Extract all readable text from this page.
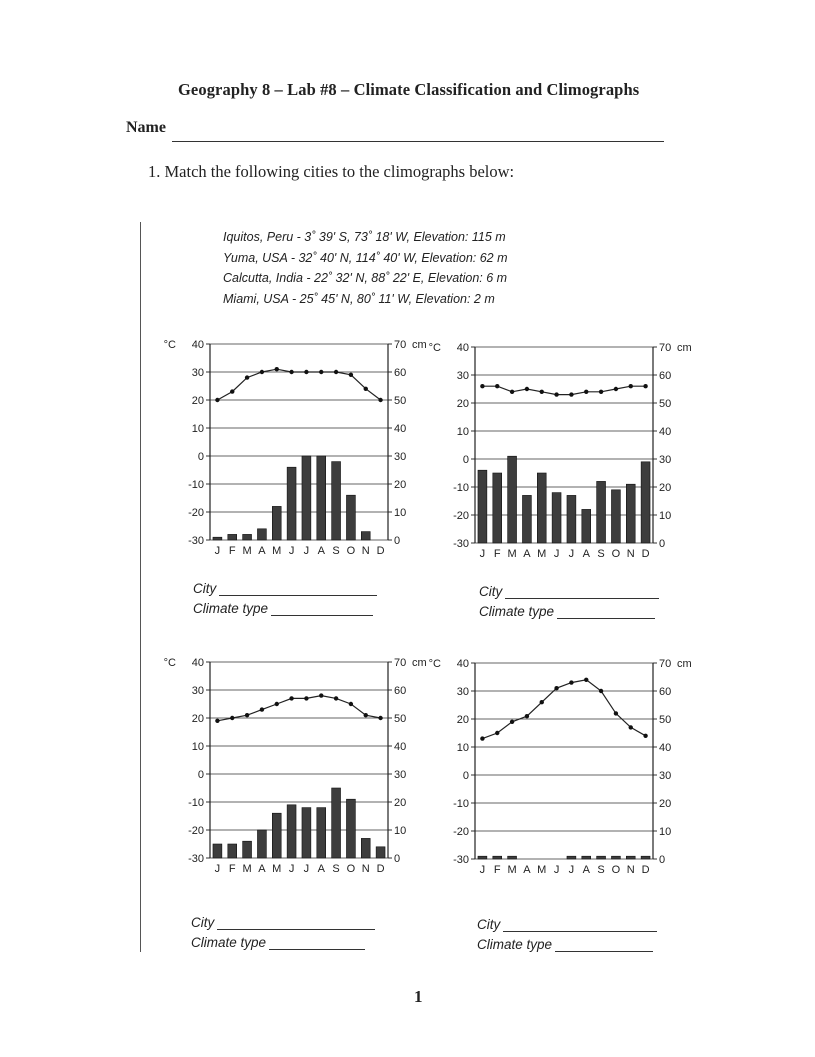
Geography 8 – Lab #8 – Climate Classification and Climographs
Name
1. Match the following cities to the climographs below:
Iquitos, Peru - 3˚ 39' S, 73˚ 18' W, Elevation: 115 m
Yuma, USA - 32˚ 40' N, 114˚ 40' W, Elevation: 62 m
Calcutta, India - 22˚ 32' N, 88˚ 22' E, Elevation: 6 m
Miami, USA - 25˚ 45' N, 80˚ 11' W, Elevation: 2 m
40
30
20
10
0
-10
-20
-30
70
60
50
40
30
20
10
0
°C	cm
J F M A M J J A S O N D
40
30
20
10
0
-10
-20
-30
70
60
50
40
30
20
10
0
°C	cm
J F M A M J J A S O N D
40
30
20
10
0
-10
-20
-30
70
60
50
40
30
20
10
0
°C	cm
J F M A M J J A S O N D
40
30
20
10
0
-10
-20
-30
70
60
50
40
30
20
10
0
°C	cm
J F M A M J J A S O N D
City
Climate type
City
Climate type
City
Climate type
City
Climate type
1
